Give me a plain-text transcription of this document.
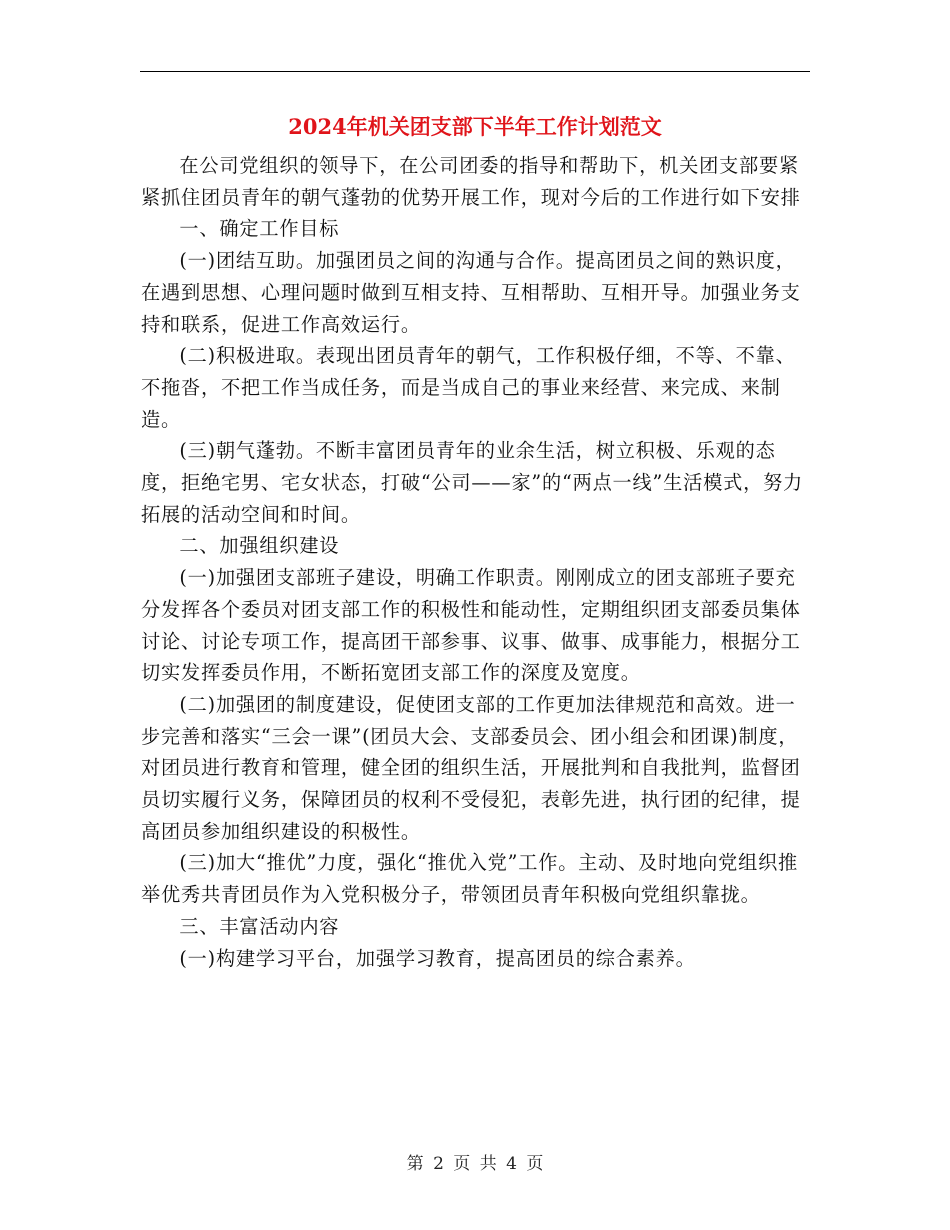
2024年机关团支部下半年工作计划范文

在公司党组织的领导下，在公司团委的指导和帮助下，机关团支部要紧紧抓住团员青年的朝气蓬勃的优势开展工作，现对今后的工作进行如下安排

一、确定工作目标

(一)团结互助。加强团员之间的沟通与合作。提高团员之间的熟识度，在遇到思想、心理问题时做到互相支持、互相帮助、互相开导。加强业务支持和联系，促进工作高效运行。

(二)积极进取。表现出团员青年的朝气，工作积极仔细，不等、不靠、不拖沓，不把工作当成任务，而是当成自己的事业来经营、来完成、来制造。

(三)朝气蓬勃。不断丰富团员青年的业余生活，树立积极、乐观的态度，拒绝宅男、宅女状态，打破“公司——家”的“两点一线”生活模式，努力拓展的活动空间和时间。

二、加强组织建设

(一)加强团支部班子建设，明确工作职责。刚刚成立的团支部班子要充分发挥各个委员对团支部工作的积极性和能动性，定期组织团支部委员集体讨论、讨论专项工作，提高团干部参事、议事、做事、成事能力，根据分工切实发挥委员作用，不断拓宽团支部工作的深度及宽度。

(二)加强团的制度建设，促使团支部的工作更加法律规范和高效。进一步完善和落实“三会一课”(团员大会、支部委员会、团小组会和团课)制度，对团员进行教育和管理，健全团的组织生活，开展批判和自我批判，监督团员切实履行义务，保障团员的权利不受侵犯，表彰先进，执行团的纪律，提高团员参加组织建设的积极性。

(三)加大“推优”力度，强化“推优入党”工作。主动、及时地向党组织推举优秀共青团员作为入党积极分子，带领团员青年积极向党组织靠拢。

三、丰富活动内容

(一)构建学习平台，加强学习教育，提高团员的综合素养。

第 2 页 共 4 页
